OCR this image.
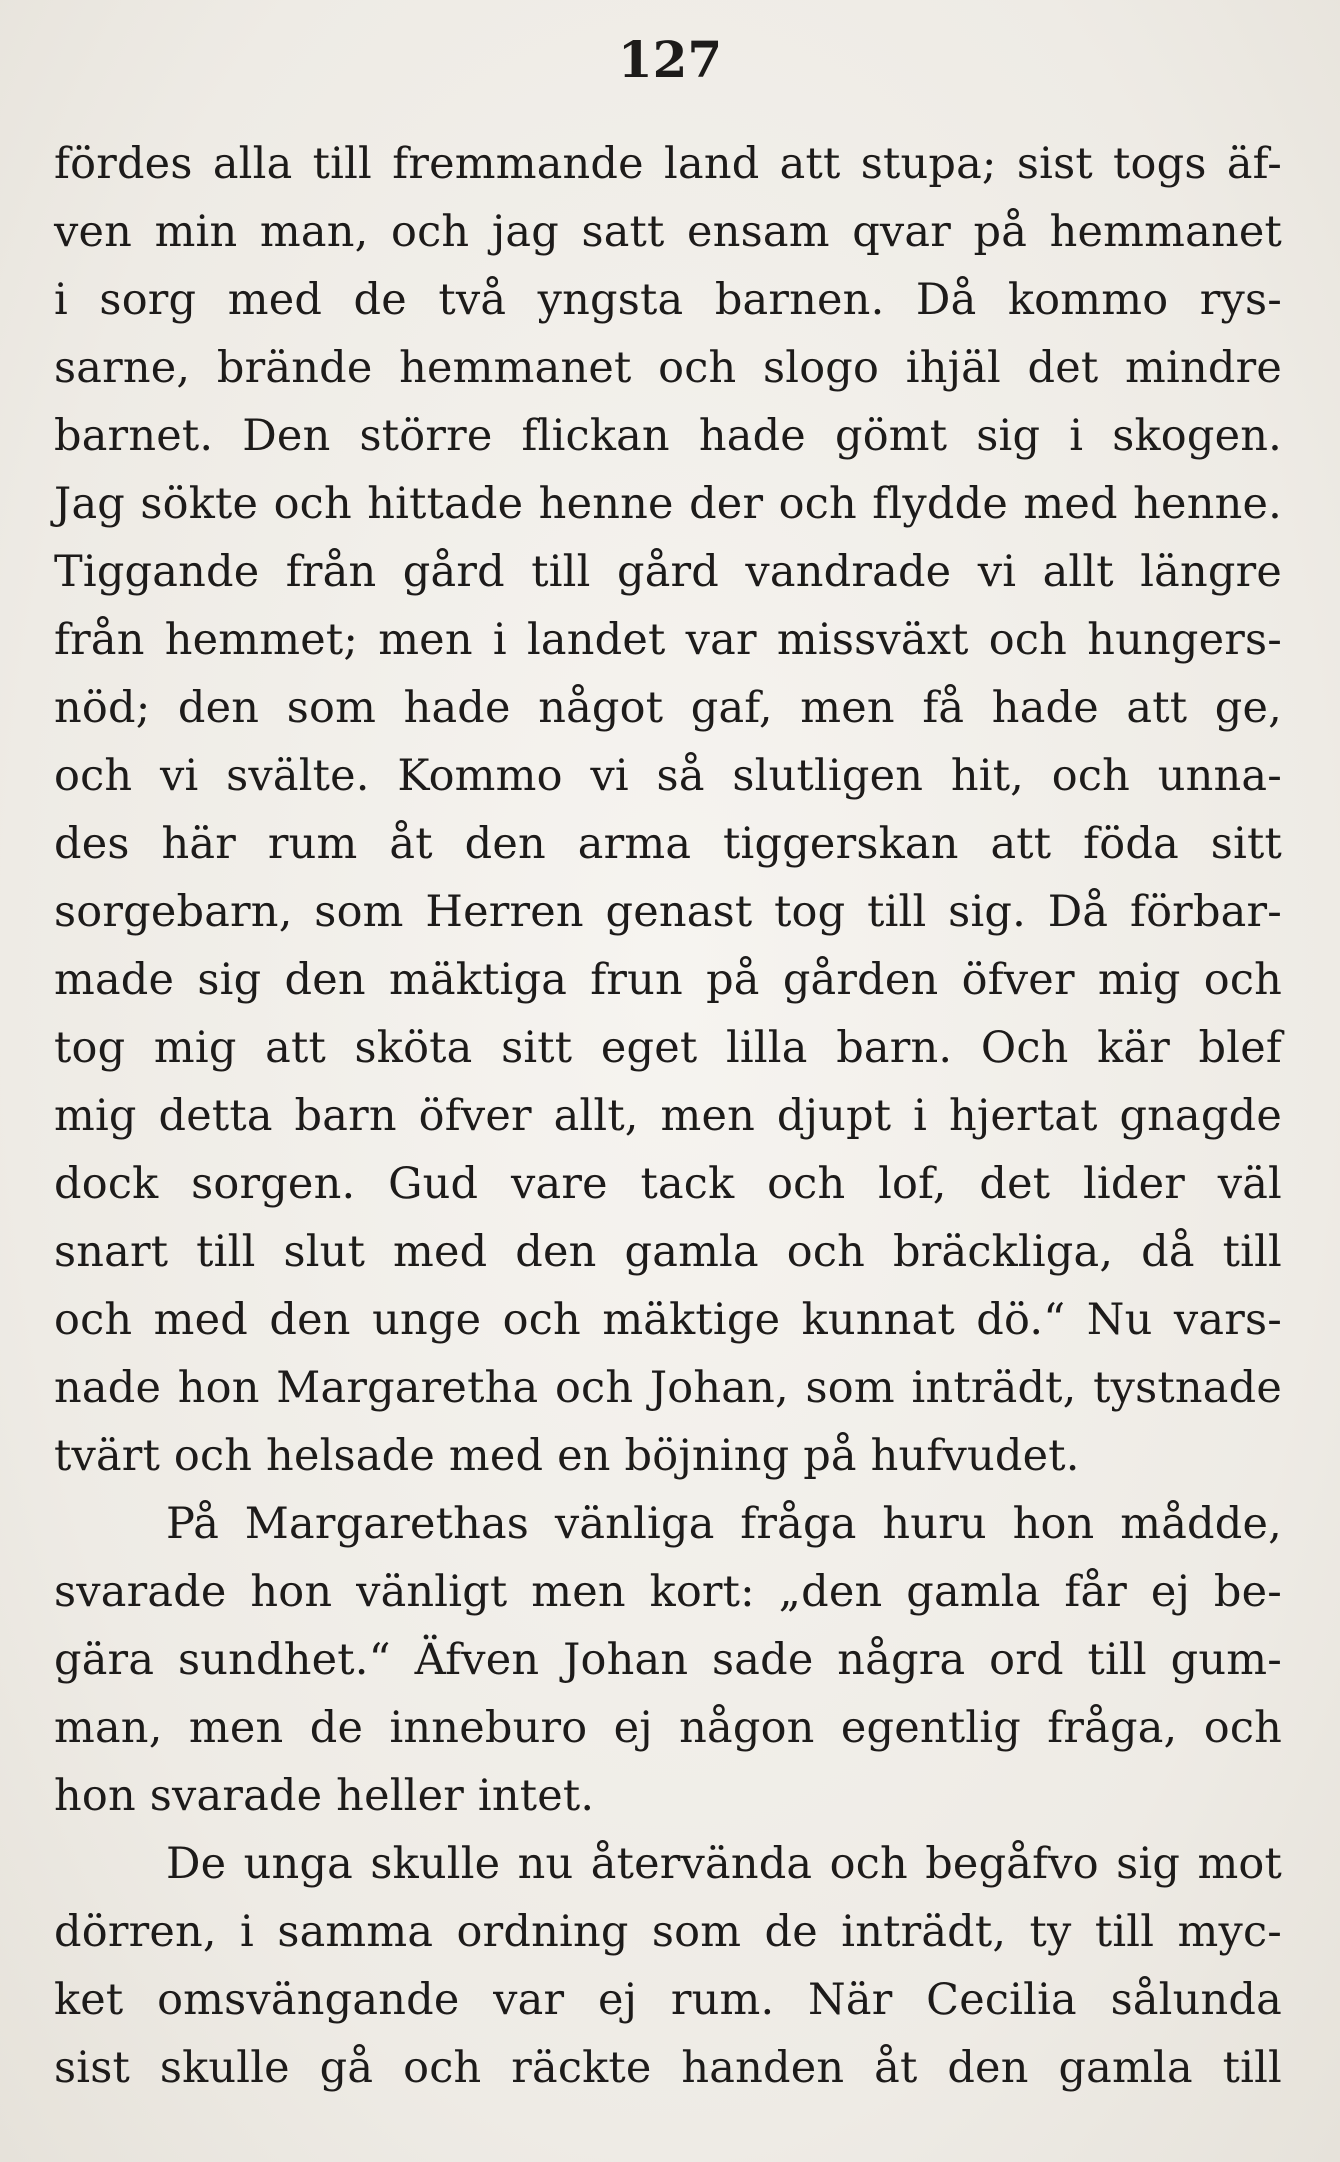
127
fördes alla till fremmande land att stupa; sist togs äf-
ven min man, och jag satt ensam qvar på hemmanet
i sorg med de två yngsta barnen. Då kommo rys-
sarne, brände hemmanet och slogo ihjäl det mindre
barnet. Den större flickan hade gömt sig i skogen.
Jag sökte och hittade henne der och flydde med henne.
Tiggande från gård till gård vandrade vi allt längre
från hemmet; men i landet var missväxt och hungers-
nöd; den som hade något gaf, men få hade att ge,
och vi svälte. Kommo vi så slutligen hit, och unna-
des här rum åt den arma tiggerskan att föda sitt
sorgebarn, som Herren genast tog till sig. Då förbar-
made sig den mäktiga frun på gården öfver mig och
tog mig att sköta sitt eget lilla barn. Och kär blef
mig detta barn öfver allt, men djupt i hjertat gnagde
dock sorgen. Gud vare tack och lof, det lider väl
snart till slut med den gamla och bräckliga, då till
och med den unge och mäktige kunnat dö.“ Nu vars-
nade hon Margaretha och Johan, som inträdt, tystnade
tvärt och helsade med en böjning på hufvudet.
På Margarethas vänliga fråga huru hon mådde,
svarade hon vänligt men kort: „den gamla får ej be-
gära sundhet.“ Äfven Johan sade några ord till gum-
man, men de inneburo ej någon egentlig fråga, och
hon svarade heller intet.
De unga skulle nu återvända och begåfvo sig mot
dörren, i samma ordning som de inträdt, ty till myc-
ket omsvängande var ej rum. När Cecilia sålunda
sist skulle gå och räckte handen åt den gamla till
